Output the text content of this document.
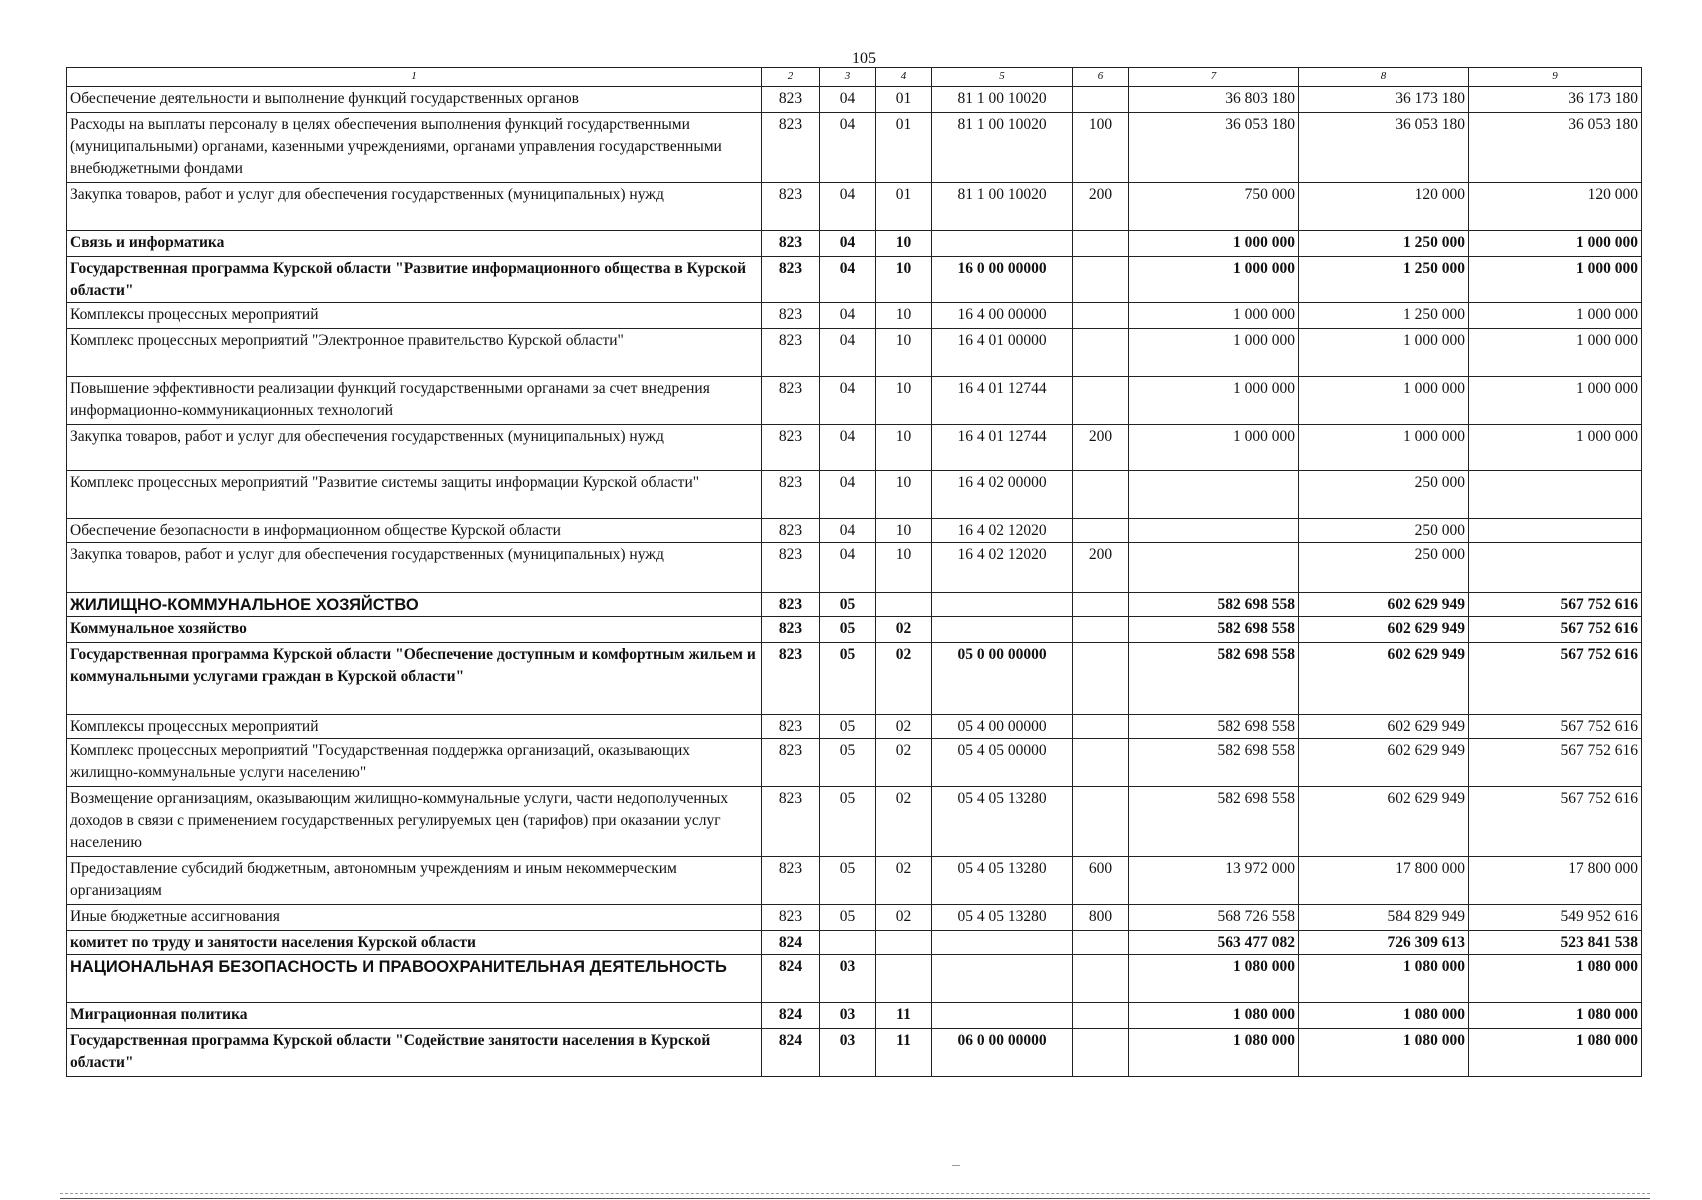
105
1	2	3	4	5	6	7	8	9
Обеспечение деятельности и выполнение функций государственных органов	823	04	01	81 1 00 10020		36 803 180	36 173 180	36 173 180
Расходы на выплаты персоналу в целях обеспечения выполнения функций государственными (муниципальными) органами, казенными учреждениями, органами управления государственными внебюджетными фондами	823	04	01	81 1 00 10020	100	36 053 180	36 053 180	36 053 180
Закупка товаров, работ и услуг для обеспечения государственных (муниципальных) нужд	823	04	01	81 1 00 10020	200	750 000	120 000	120 000
Связь и информатика	823	04	10			1 000 000	1 250 000	1 000 000
Государственная программа Курской области "Развитие информационного общества в Курской области"	823	04	10	16 0 00 00000		1 000 000	1 250 000	1 000 000
Комплексы процессных мероприятий	823	04	10	16 4 00 00000		1 000 000	1 250 000	1 000 000
Комплекс процессных мероприятий "Электронное правительство Курской области"	823	04	10	16 4 01 00000		1 000 000	1 000 000	1 000 000
Повышение эффективности реализации функций государственными органами за счет внедрения информационно-коммуникационных технологий	823	04	10	16 4 01 12744		1 000 000	1 000 000	1 000 000
Закупка товаров, работ и услуг для обеспечения государственных (муниципальных) нужд	823	04	10	16 4 01 12744	200	1 000 000	1 000 000	1 000 000
Комплекс процессных мероприятий "Развитие системы защиты информации Курской области"	823	04	10	16 4 02 00000			250 000	
Обеспечение безопасности в информационном обществе Курской области	823	04	10	16 4 02 12020			250 000	
Закупка товаров, работ и услуг для обеспечения государственных (муниципальных) нужд	823	04	10	16 4 02 12020	200		250 000	
ЖИЛИЩНО-КОММУНАЛЬНОЕ ХОЗЯЙСТВО	823	05				582 698 558	602 629 949	567 752 616
Коммунальное хозяйство	823	05	02			582 698 558	602 629 949	567 752 616
Государственная программа Курской области "Обеспечение доступным и комфортным жильем и коммунальными услугами граждан в Курской области"	823	05	02	05 0 00 00000		582 698 558	602 629 949	567 752 616
Комплексы процессных мероприятий	823	05	02	05 4 00 00000		582 698 558	602 629 949	567 752 616
Комплекс процессных мероприятий "Государственная поддержка организаций, оказывающих жилищно-коммунальные услуги населению"	823	05	02	05 4 05 00000		582 698 558	602 629 949	567 752 616
Возмещение организациям, оказывающим жилищно-коммунальные услуги, части недополученных доходов в связи с применением государственных регулируемых цен (тарифов) при оказании услуг населению	823	05	02	05 4 05 13280		582 698 558	602 629 949	567 752 616
Предоставление субсидий бюджетным, автономным учреждениям и иным некоммерческим организациям	823	05	02	05 4 05 13280	600	13 972 000	17 800 000	17 800 000
Иные бюджетные ассигнования	823	05	02	05 4 05 13280	800	568 726 558	584 829 949	549 952 616
комитет по труду и занятости населения Курской области	824					563 477 082	726 309 613	523 841 538
НАЦИОНАЛЬНАЯ БЕЗОПАСНОСТЬ И ПРАВООХРАНИТЕЛЬНАЯ ДЕЯТЕЛЬНОСТЬ	824	03				1 080 000	1 080 000	1 080 000
Миграционная политика	824	03	11			1 080 000	1 080 000	1 080 000
Государственная программа Курской области "Содействие занятости населения в Курской области"	824	03	11	06 0 00 00000		1 080 000	1 080 000	1 080 000
